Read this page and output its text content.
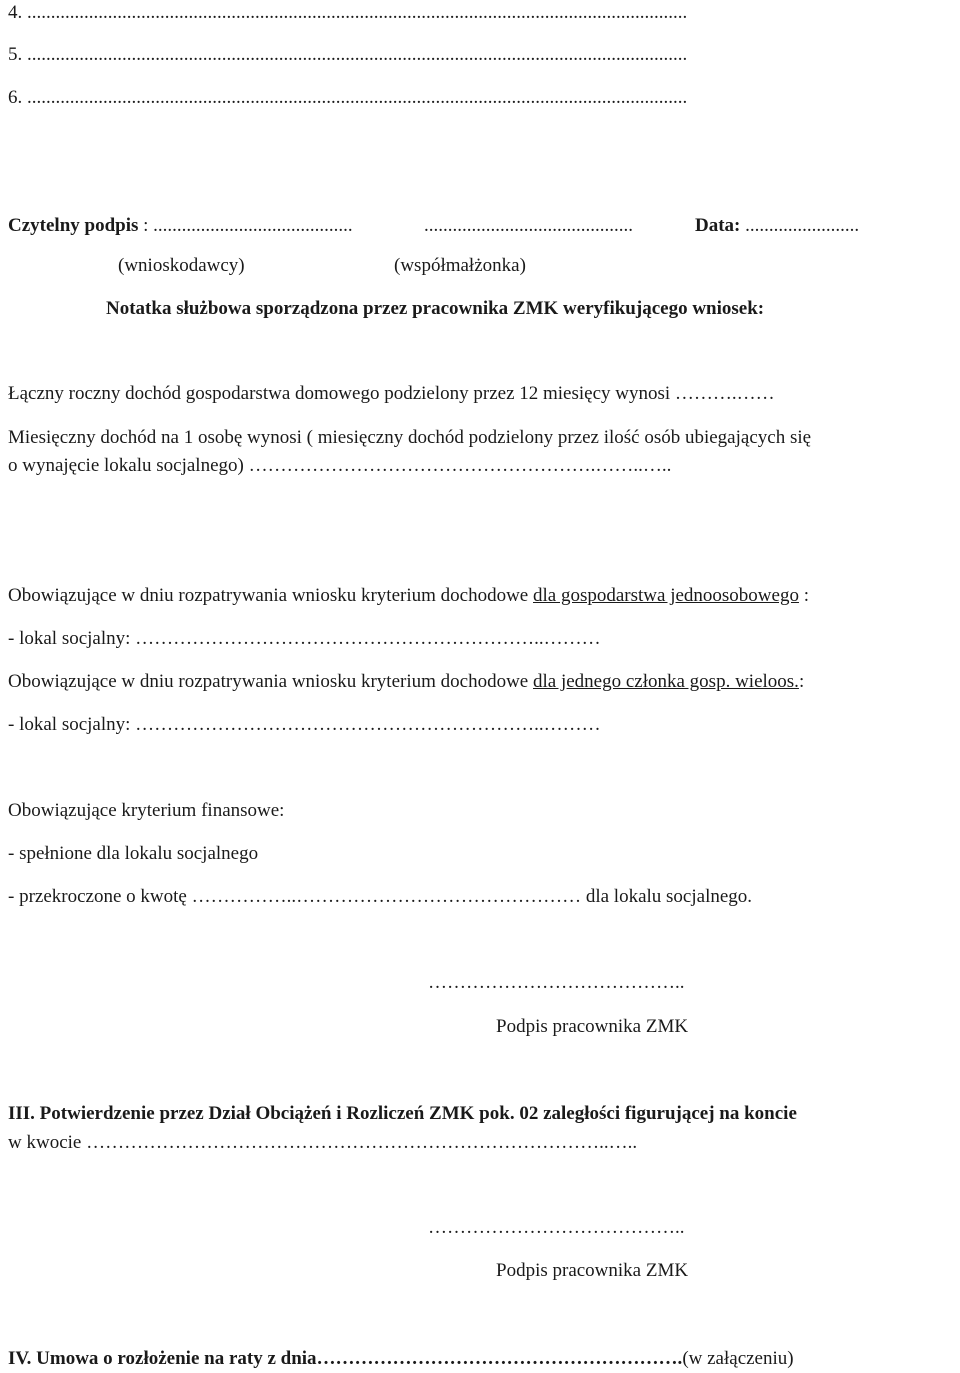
4. ...........................................................................................................................................
5. ...........................................................................................................................................
6. ...........................................................................................................................................
Czytelny podpis : ..........................................	............................................	Data: ........................
(wnioskodawcy)	(współmałżonka)
Notatka służbowa sporządzona przez pracownika ZMK weryfikującego wniosek:
Łączny roczny dochód gospodarstwa domowego podzielony przez 12 miesięcy wynosi ……….……
Miesięczny dochód na 1 osobę wynosi ( miesięczny dochód podzielony przez ilość osób ubiegających się
o wynajęcie lokalu socjalnego) ……………………………………………….……..…..
Obowiązujące w dniu rozpatrywania wniosku kryterium dochodowe dla gospodarstwa jednoosobowego :
- lokal socjalny: ………………………………………………………..………
Obowiązujące w dniu rozpatrywania wniosku kryterium dochodowe dla jednego członka gosp. wieloos.:
- lokal socjalny: ………………………………………………………..………
Obowiązujące kryterium finansowe:
- spełnione dla lokalu socjalnego
- przekroczone o kwotę ……………..……………………………………… dla lokalu socjalnego.
…………………………………..
Podpis pracownika ZMK
III. Potwierdzenie przez Dział Obciążeń i Rozliczeń ZMK pok. 02 zaległości figurującej na koncie
w kwocie ………………………………………………………………………..…..
…………………………………..
Podpis pracownika ZMK
IV. Umowa o rozłożenie na raty z dnia………………………………………………….(w załączeniu)
